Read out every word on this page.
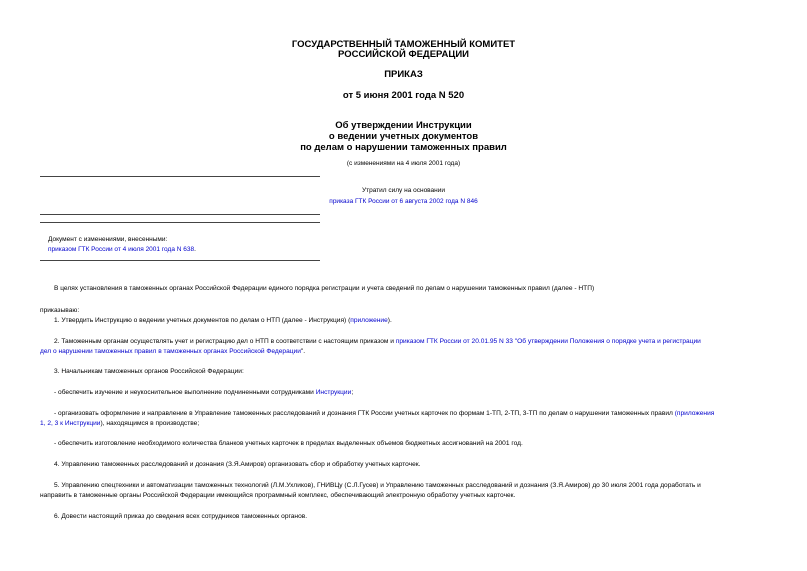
ГОСУДАРСТВЕННЫЙ ТАМОЖЕННЫЙ КОМИТЕТ
РОССИЙСКОЙ ФЕДЕРАЦИИ
ПРИКАЗ
от 5 июня 2001 года N 520
Об утверждении Инструкции
о ведении учетных документов
по делам о нарушении таможенных правил
(с изменениями на 4 июля 2001 года)
Утратил силу на основании
приказа ГТК России от 6 августа 2002 года N 846
Документ с изменениями, внесенными:
приказом ГТК России от 4 июля 2001 года N 638.
В целях установления в таможенных органах Российской Федерации единого порядка регистрации и учета сведений по делам о нарушении таможенных правил (далее - НТП)
приказываю:
1. Утвердить Инструкцию о ведении учетных документов по делам о НТП (далее - Инструкция) (приложение).
2. Таможенным органам осуществлять учет и регистрацию дел о НТП в соответствии с настоящим приказом и приказом ГТК России от 20.01.95 N 33 "Об утверждении Положения о порядке учета и регистрации
дел о нарушении таможенных правил в таможенных органах Российской Федерации".
3. Начальникам таможенных органов Российской Федерации:
- обеспечить изучение и неукоснительное выполнение подчиненными сотрудниками Инструкции;
- организовать оформление и направление в Управление таможенных расследований и дознания ГТК России учетных карточек по формам 1-ТП, 2-ТП, 3-ТП по делам о нарушении таможенных правил (приложения
1, 2, 3 к Инструкции), находящимся в производстве;
- обеспечить изготовление необходимого количества бланков учетных карточек в пределах выделенных объемов бюджетных ассигнований на 2001 год.
4. Управлению таможенных расследований и дознания (З.Я.Амиров) организовать сбор и обработку учетных карточек.
5. Управлению спецтехники и автоматизации таможенных технологий (Л.М.Ухликов), ГНИВЦу (С.Л.Гусев) и Управлению таможенных расследований и дознания (З.Я.Амиров) до 30 июля 2001 года доработать и
направить в таможенные органы Российской Федерации имеющийся программный комплекс, обеспечивающий электронную обработку учетных карточек.
6. Довести настоящий приказ до сведения всех сотрудников таможенных органов.
